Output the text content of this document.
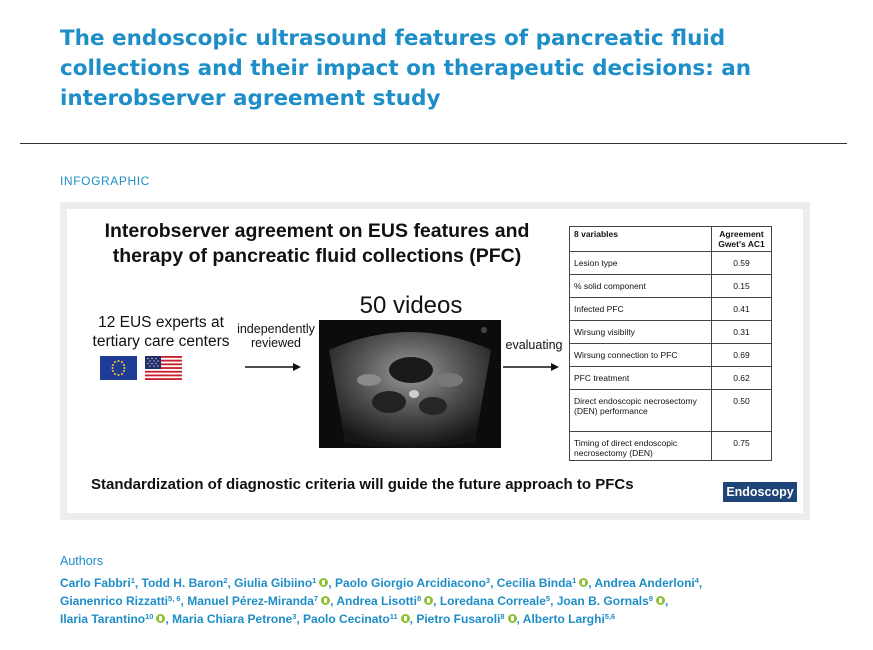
The endoscopic ultrasound features of pancreatic fluid collections and their impact on therapeutic decisions: an interobserver agreement study
INFOGRAPHIC
Interobserver agreement on EUS features and therapy of pancreatic fluid collections (PFC)
12 EUS experts at tertiary care centers
independently reviewed
50 videos
evaluating
8 variables	Agreement Gwet's AC1
Lesion type	0.59
% solid component	0.15
Infected PFC	0.41
Wirsung visibilty	0.31
Wirsung connection to PFC	0.69
PFC treatment	0.62
Direct endoscopic necrosectomy (DEN) performance	0.50
Timing of direct endoscopic necrosectomy (DEN)	0.75
Standardization of diagnostic criteria will guide the future approach to PFCs	Endoscopy
Authors
Carlo Fabbri$^1$, Todd H. Baron$^2$, Giulia Gibiino$^1$ , Paolo Giorgio Arcidiacono$^3$, Cecilia Binda$^1$ , Andrea Anderloni$^4$,
Gianenrico Rizzatti$^{5, 6}$, Manuel Pérez-Miranda$^7$ , Andrea Lisotti$^8$ , Loredana Correale$^5$, Joan B. Gornals$^9$ ,
Ilaria Tarantino$^{10}$ , Maria Chiara Petrone$^3$, Paolo Cecinato$^{11}$ , Pietro Fusaroli$^8$ , Alberto Larghi$^{5,6}$
